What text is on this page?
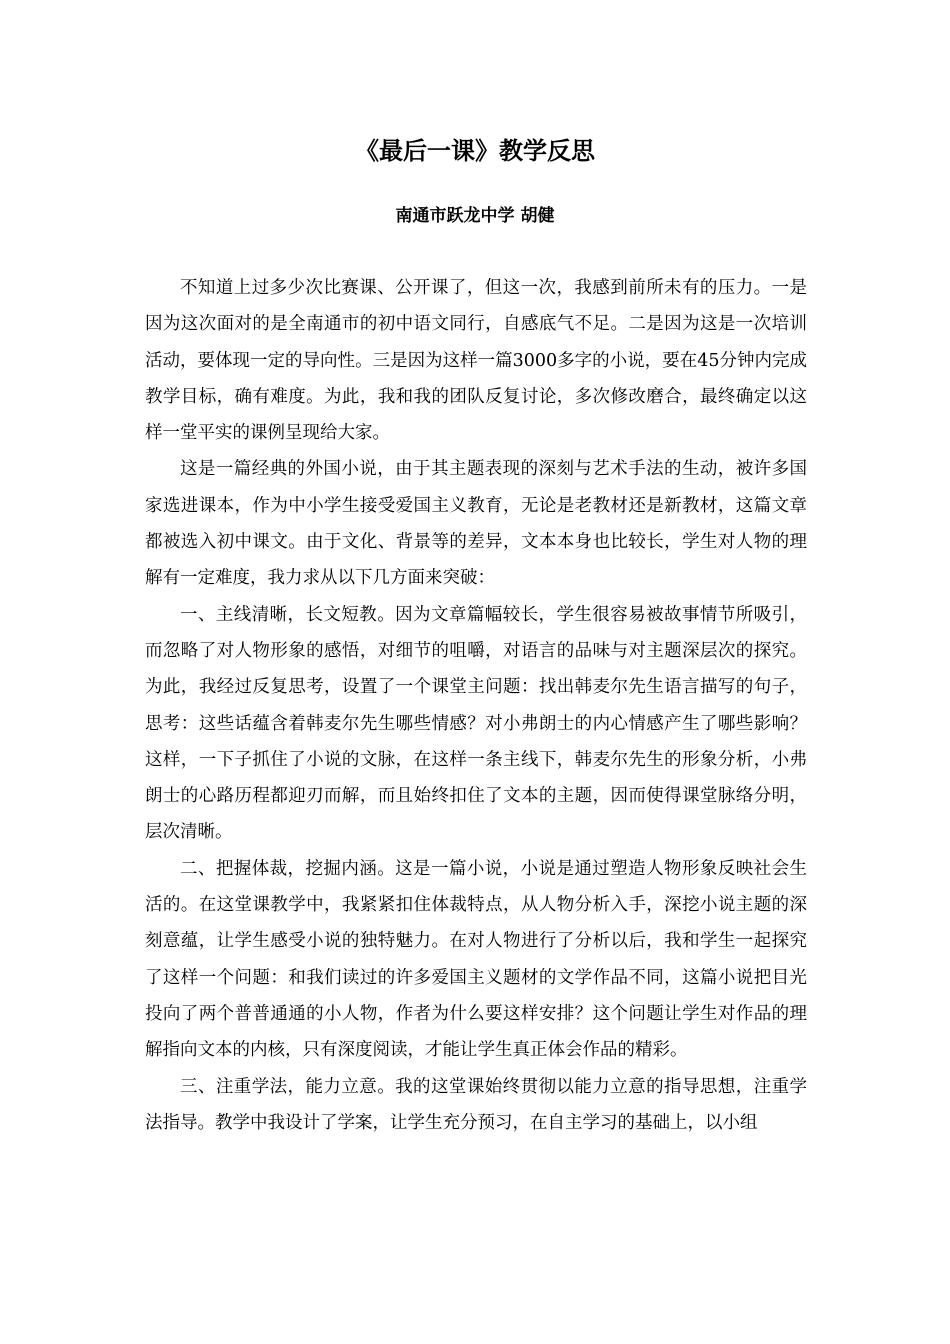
《最后一课》教学反思
南通市跃龙中学 胡健

不知道上过多少次比赛课、公开课了，但这一次，我感到前所未有的压力。一是因为这次面对的是全南通市的初中语文同行，自感底气不足。二是因为这是一次培训活动，要体现一定的导向性。三是因为这样一篇3000多字的小说，要在45分钟内完成教学目标，确有难度。为此，我和我的团队反复讨论，多次修改磨合，最终确定以这样一堂平实的课例呈现给大家。

这是一篇经典的外国小说，由于其主题表现的深刻与艺术手法的生动，被许多国家选进课本，作为中小学生接受爱国主义教育，无论是老教材还是新教材，这篇文章都被选入初中课文。由于文化、背景等的差异，文本本身也比较长，学生对人物的理解有一定难度，我力求从以下几方面来突破：

一、主线清晰，长文短教。因为文章篇幅较长，学生很容易被故事情节所吸引，而忽略了对人物形象的感悟，对细节的咀嚼，对语言的品味与对主题深层次的探究。为此，我经过反复思考，设置了一个课堂主问题：找出韩麦尔先生语言描写的句子，思考：这些话蕴含着韩麦尔先生哪些情感？对小弗朗士的内心情感产生了哪些影响？这样，一下子抓住了小说的文脉，在这样一条主线下，韩麦尔先生的形象分析，小弗朗士的心路历程都迎刃而解，而且始终扣住了文本的主题，因而使得课堂脉络分明，层次清晰。

二、把握体裁，挖掘内涵。这是一篇小说，小说是通过塑造人物形象反映社会生活的。在这堂课教学中，我紧紧扣住体裁特点，从人物分析入手，深挖小说主题的深刻意蕴，让学生感受小说的独特魅力。在对人物进行了分析以后，我和学生一起探究了这样一个问题：和我们读过的许多爱国主义题材的文学作品不同，这篇小说把目光投向了两个普普通通的小人物，作者为什么要这样安排？这个问题让学生对作品的理解指向文本的内核，只有深度阅读，才能让学生真正体会作品的精彩。

三、注重学法，能力立意。我的这堂课始终贯彻以能力立意的指导思想，注重学法指导。教学中我设计了学案，让学生充分预习，在自主学习的基础上，以小组
